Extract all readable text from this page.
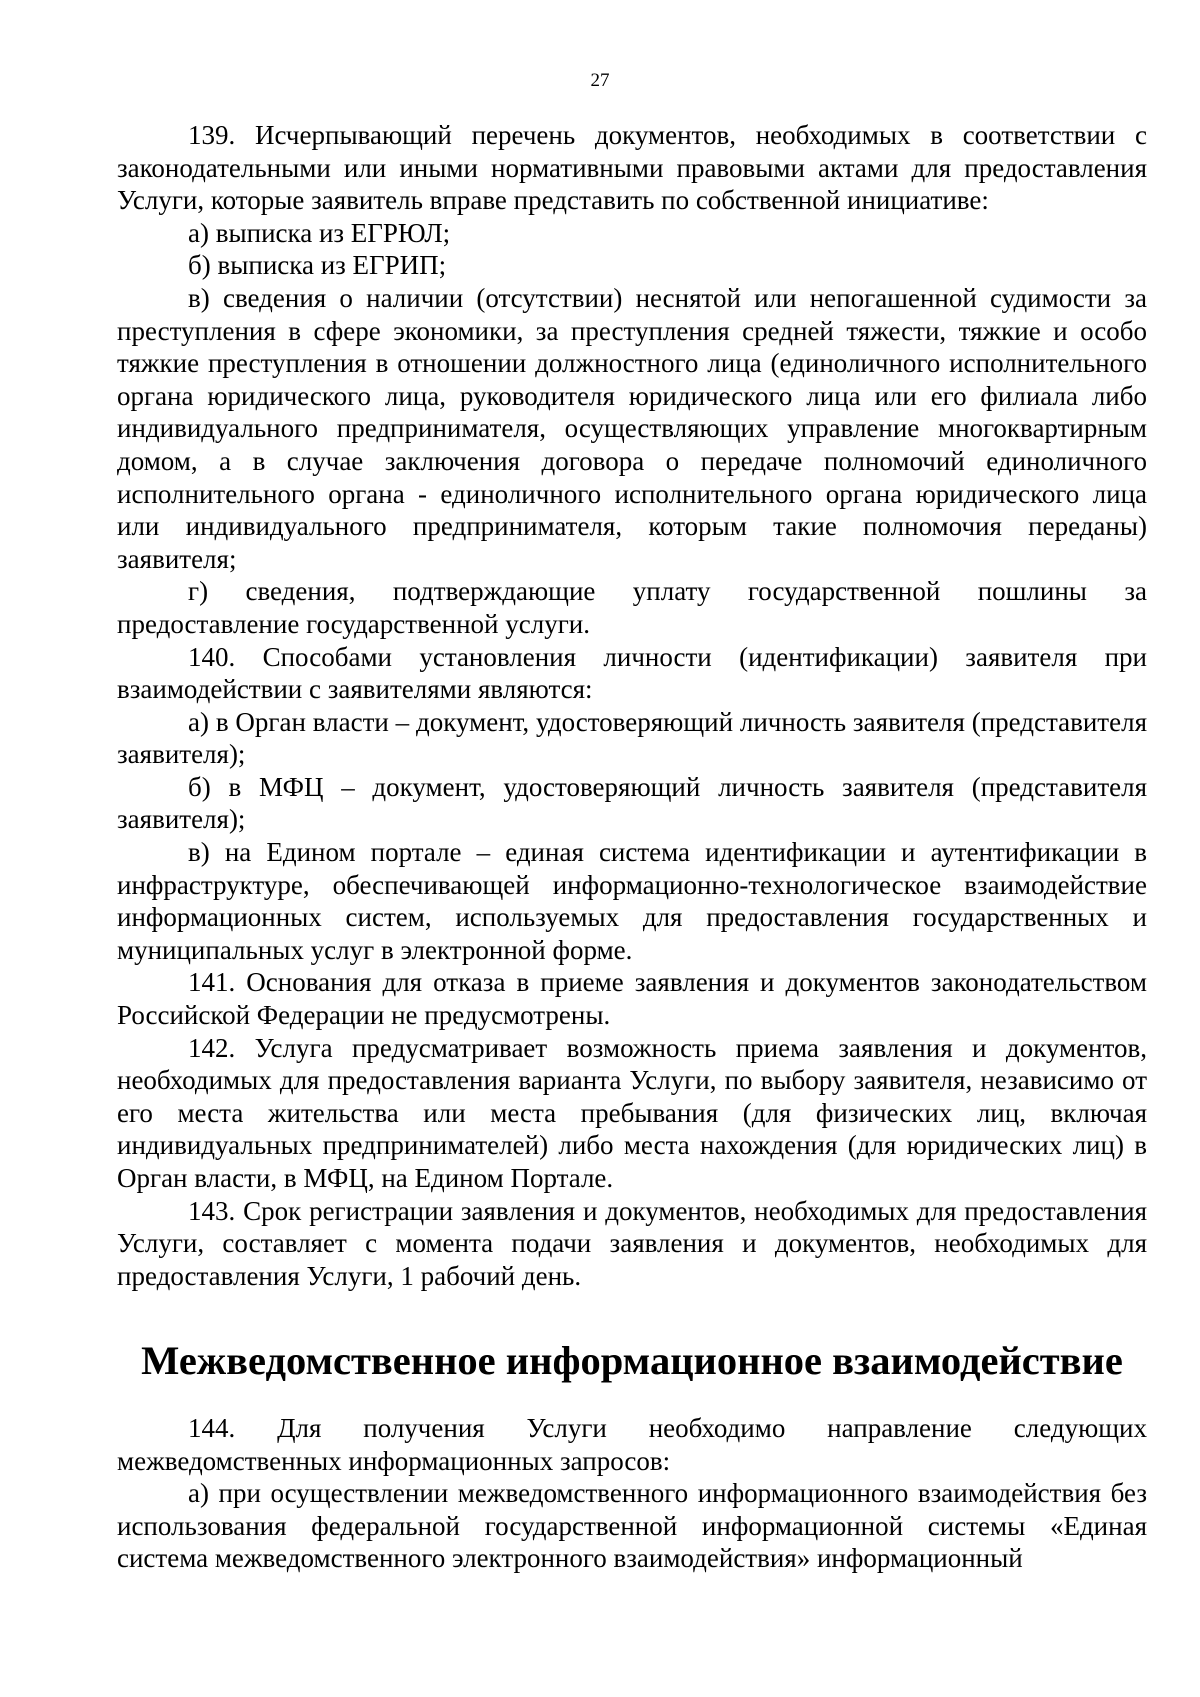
27

139. Исчерпывающий перечень документов, необходимых в соответствии с законодательными или иными нормативными правовыми актами для предоставления Услуги, которые заявитель вправе представить по собственной инициативе:

а) выписка из ЕГРЮЛ;

б) выписка из ЕГРИП;

в) сведения о наличии (отсутствии) неснятой или непогашенной судимости за преступления в сфере экономики, за преступления средней тяжести, тяжкие и особо тяжкие преступления в отношении должностного лица (единоличного исполнительного органа юридического лица, руководителя юридического лица или его филиала либо индивидуального предпринимателя, осуществляющих управление многоквартирным домом, а в случае заключения договора о передаче полномочий единоличного исполнительного органа - единоличного исполнительного органа юридического лица или индивидуального предпринимателя, которым такие полномочия переданы) заявителя;

г) сведения, подтверждающие уплату государственной пошлины за предоставление государственной услуги.

140. Способами установления личности (идентификации) заявителя при взаимодействии с заявителями являются:

а) в Орган власти – документ, удостоверяющий личность заявителя (представителя заявителя);

б) в МФЦ – документ, удостоверяющий личность заявителя (представителя заявителя);

в) на Едином портале – единая система идентификации и аутентификации в инфраструктуре, обеспечивающей информационно-технологическое взаимодействие информационных систем, используемых для предоставления государственных и муниципальных услуг в электронной форме.

141. Основания для отказа в приеме заявления и документов законодательством Российской Федерации не предусмотрены.

142. Услуга предусматривает возможность приема заявления и документов, необходимых для предоставления варианта Услуги, по выбору заявителя, независимо от его места жительства или места пребывания (для физических лиц, включая индивидуальных предпринимателей) либо места нахождения (для юридических лиц) в Орган власти, в МФЦ, на Едином Портале.

143. Срок регистрации заявления и документов, необходимых для предоставления Услуги, составляет с момента подачи заявления и документов, необходимых для предоставления Услуги, 1 рабочий день.

Межведомственное информационное взаимодействие

144. Для получения Услуги необходимо направление следующих межведомственных информационных запросов:

а) при осуществлении межведомственного информационного взаимодействия без использования федеральной государственной информационной системы «Единая система межведомственного электронного взаимодействия» информационный
